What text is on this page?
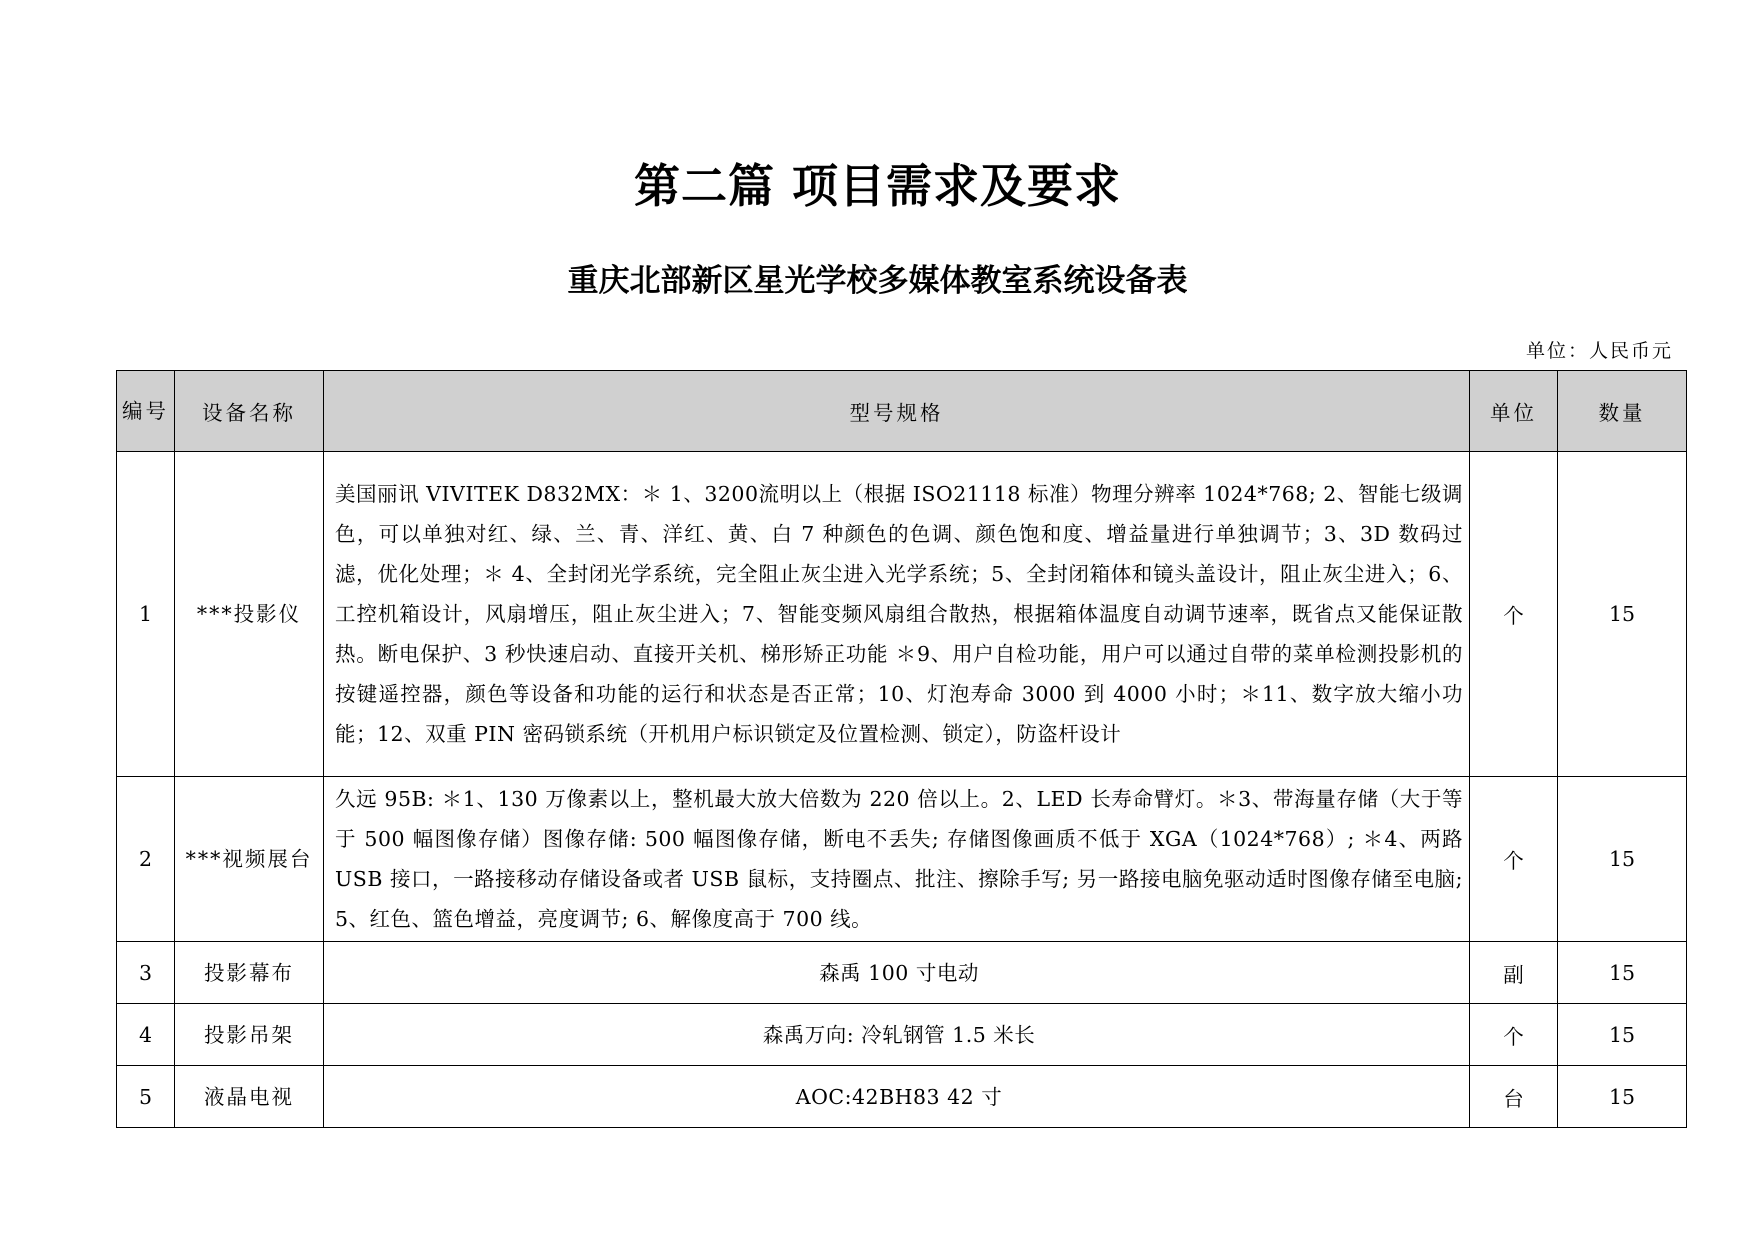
第二篇 项目需求及要求
重庆北部新区星光学校多媒体教室系统设备表
单位：人民币元
编号	设备名称	型号规格	单位	数量
1	***投影仪	美国丽讯 VIVITEK D832MX：＊ 1、3200流明以上（根据 ISO21118 标准）物理分辨率 1024*768; 2、智能七级调色，可以单独对红、绿、兰、青、洋红、黄、白 7 种颜色的色调、颜色饱和度、增益量进行单独调节；3、3D 数码过滤，优化处理；＊ 4、全封闭光学系统，完全阻止灰尘进入光学系统；5、全封闭箱体和镜头盖设计，阻止灰尘进入；6、工控机箱设计，风扇增压，阻止灰尘进入；7、智能变频风扇组合散热，根据箱体温度自动调节速率，既省点又能保证散热。断电保护、3 秒快速启动、直接开关机、梯形矫正功能 ＊9、用户自检功能，用户可以通过自带的菜单检测投影机的按键遥控器，颜色等设备和功能的运行和状态是否正常；10、灯泡寿命 3000 到 4000 小时；＊11、数字放大缩小功能；12、双重 PIN 密码锁系统（开机用户标识锁定及位置检测、锁定），防盗杆设计	个	15
2	***视频展台	久远 95B: ＊1、130 万像素以上，整机最大放大倍数为 220 倍以上。2、LED 长寿命臂灯。＊3、带海量存储（大于等于 500 幅图像存储）图像存储: 500 幅图像存储，断电不丢失; 存储图像画质不低于 XGA（1024*768）; ＊4、两路 USB 接口，一路接移动存储设备或者 USB 鼠标，支持圈点、批注、擦除手写; 另一路接电脑免驱动适时图像存储至电脑; 5、红色、篮色增益，亮度调节; 6、解像度高于 700 线。	个	15
3	投影幕布	森禹 100 寸电动	副	15
4	投影吊架	森禹万向: 冷轧钢管 1.5 米长	个	15
5	液晶电视	AOC:42BH83 42 寸	台	15
